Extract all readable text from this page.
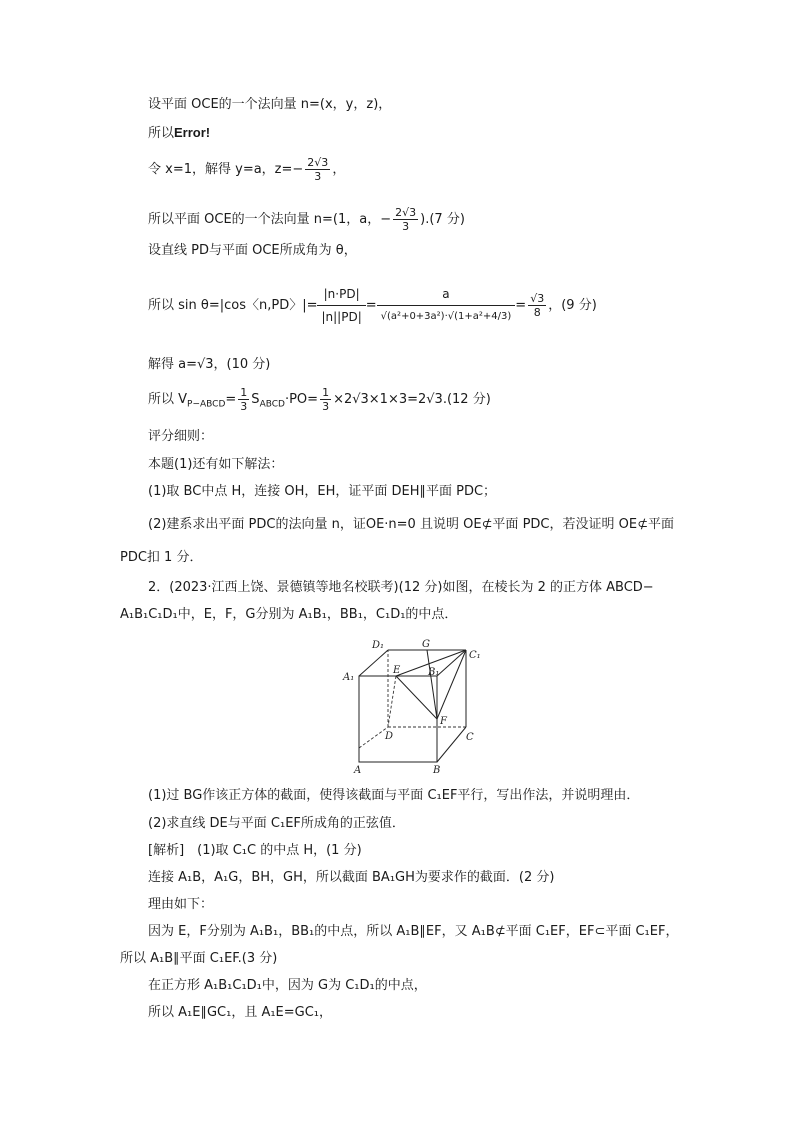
设平面 OCE的一个法向量 n=(x，y，z)，
所以Error!
令 x=1，解得 y=a，$z=- \frac{2√3}{3}$ ，
所以平面 OCE的一个法向量 n=(1，a，− $\frac{2√3}{3} ).(7$ 分)
设直线 PD与平面 OCE所成角为 θ，
所以 sin θ=|cos〈n,PD〉|= $\frac{|n\cdot PD|}{|n||PD|} = \frac{a}{\text{√(a²+0+3a²)·√(1+a²+4/3)}} = \frac{√3}{8}$ ，(9 分)
解得 a=√3，(10 分)
所以 $V_{P-ABCD}= \frac{1}{3} S_{ABCD}\cdot PO= \frac{1}{3} \times 2√3\times 1\times 3=2√3.(12$ 分)
评分细则：
本题(1)还有如下解法：
(1)取 BC中点 H，连接 OH，EH，证平面 DEH∥平面 PDC；
(2)建系求出平面 PDC的法向量 n，证OE·n=0 且说明 OE⊄平面 PDC，若没证明 OE⊄平面
PDC扣 1 分．
2．(2023·江西上饶、景德镇等地名校联考)(12 分)如图，在棱长为 2 的正方体 ABCD−
A₁B₁C₁D₁中，E，F，G分别为 A₁B₁，BB₁，C₁D₁的中点．
D₁	G
C₁
A₁
E	B₁
F
D	C
A	B
(1)过 BG作该正方体的截面，使得该截面与平面 C₁EF平行，写出作法，并说明理由．
(2)求直线 DE与平面 C₁EF所成角的正弦值．
[解析]　(1)取 C₁C 的中点 H，(1 分)
连接 A₁B，A₁G，BH，GH，所以截面 BA₁GH为要求作的截面．(2 分)
理由如下：
因为 E，F分别为 A₁B₁，BB₁的中点，所以 A₁B∥EF，又 A₁B⊄平面 C₁EF，EF⊂平面 C₁EF，
所以 A₁B∥平面 C₁EF.(3 分)
在正方形 A₁B₁C₁D₁中，因为 G为 C₁D₁的中点，
所以 A₁E∥GC₁，且 A₁E=GC₁，
